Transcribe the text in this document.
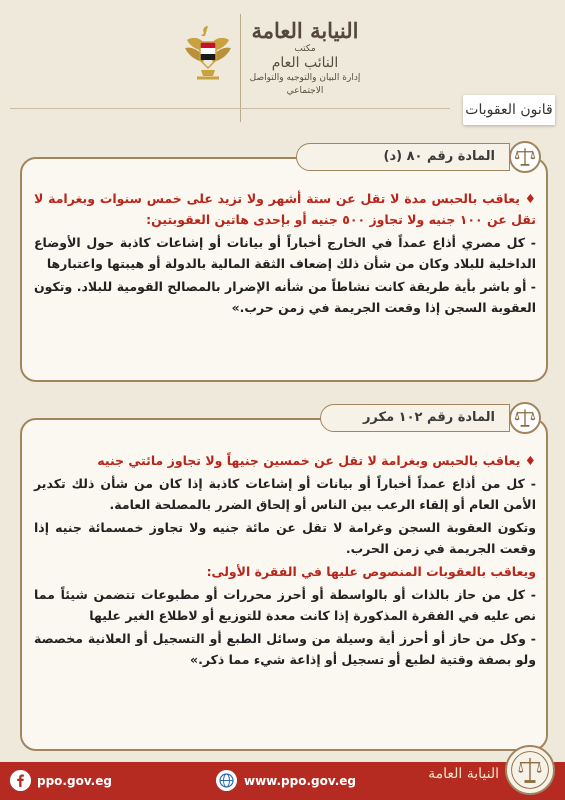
النيابة العامة
مكتب
النائب العام
إدارة البيان والتوجيه والتواصل الاجتماعي
قانون العقوبات
المادة رقم ٨٠ (د)

♦ يعاقب بالحبس مدة لا تقل عن ستة أشهر ولا تزيد على خمس سنوات وبغرامة لا تقل عن ١٠٠ جنيه ولا تجاوز ٥٠٠ جنيه أو بإحدى هاتين العقوبتين:

- كل مصري أذاع عمداً في الخارج أخباراً أو بيانات أو إشاعات كاذبة حول الأوضاع الداخلية للبلاد وكان من شأن ذلك إضعاف الثقة المالية بالدولة أو هيبتها واعتبارها

- أو باشر بأية طريقة كانت نشاطاً من شأنه الإضرار بالمصالح القومية للبلاد. وتكون العقوبة السجن إذا وقعت الجريمة في زمن حرب.»

المادة رقم ١٠٢ مكرر

♦ يعاقب بالحبس وبغرامة لا تقل عن خمسين جنيهاً ولا تجاوز مائتي جنيه

- كل من أذاع عمداً أخباراً أو بيانات أو إشاعات كاذبة إذا كان من شأن ذلك تكدير الأمن العام أو إلقاء الرعب بين الناس أو إلحاق الضرر بالمصلحة العامة.

وتكون العقوبة السجن وغرامة لا تقل عن مائة جنيه ولا تجاوز خمسمائة جنيه إذا وقعت الجريمة في زمن الحرب.

ويعاقب بالعقوبات المنصوص عليها في الفقرة الأولى:

- كل من حاز بالذات أو بالواسطة أو أحرز محررات أو مطبوعات تتضمن شيئاً مما نص عليه في الفقرة المذكورة إذا كانت معدة للتوزيع أو لاطلاع الغير عليها

- وكل من حاز أو أحرز أية وسيلة من وسائل الطبع أو التسجيل أو العلانية مخصصة ولو بصفة وقتية لطبع أو تسجيل أو إذاعة شيء مما ذكر.»

ppo.gov.eg	www.ppo.gov.eg	النيابة العامة
